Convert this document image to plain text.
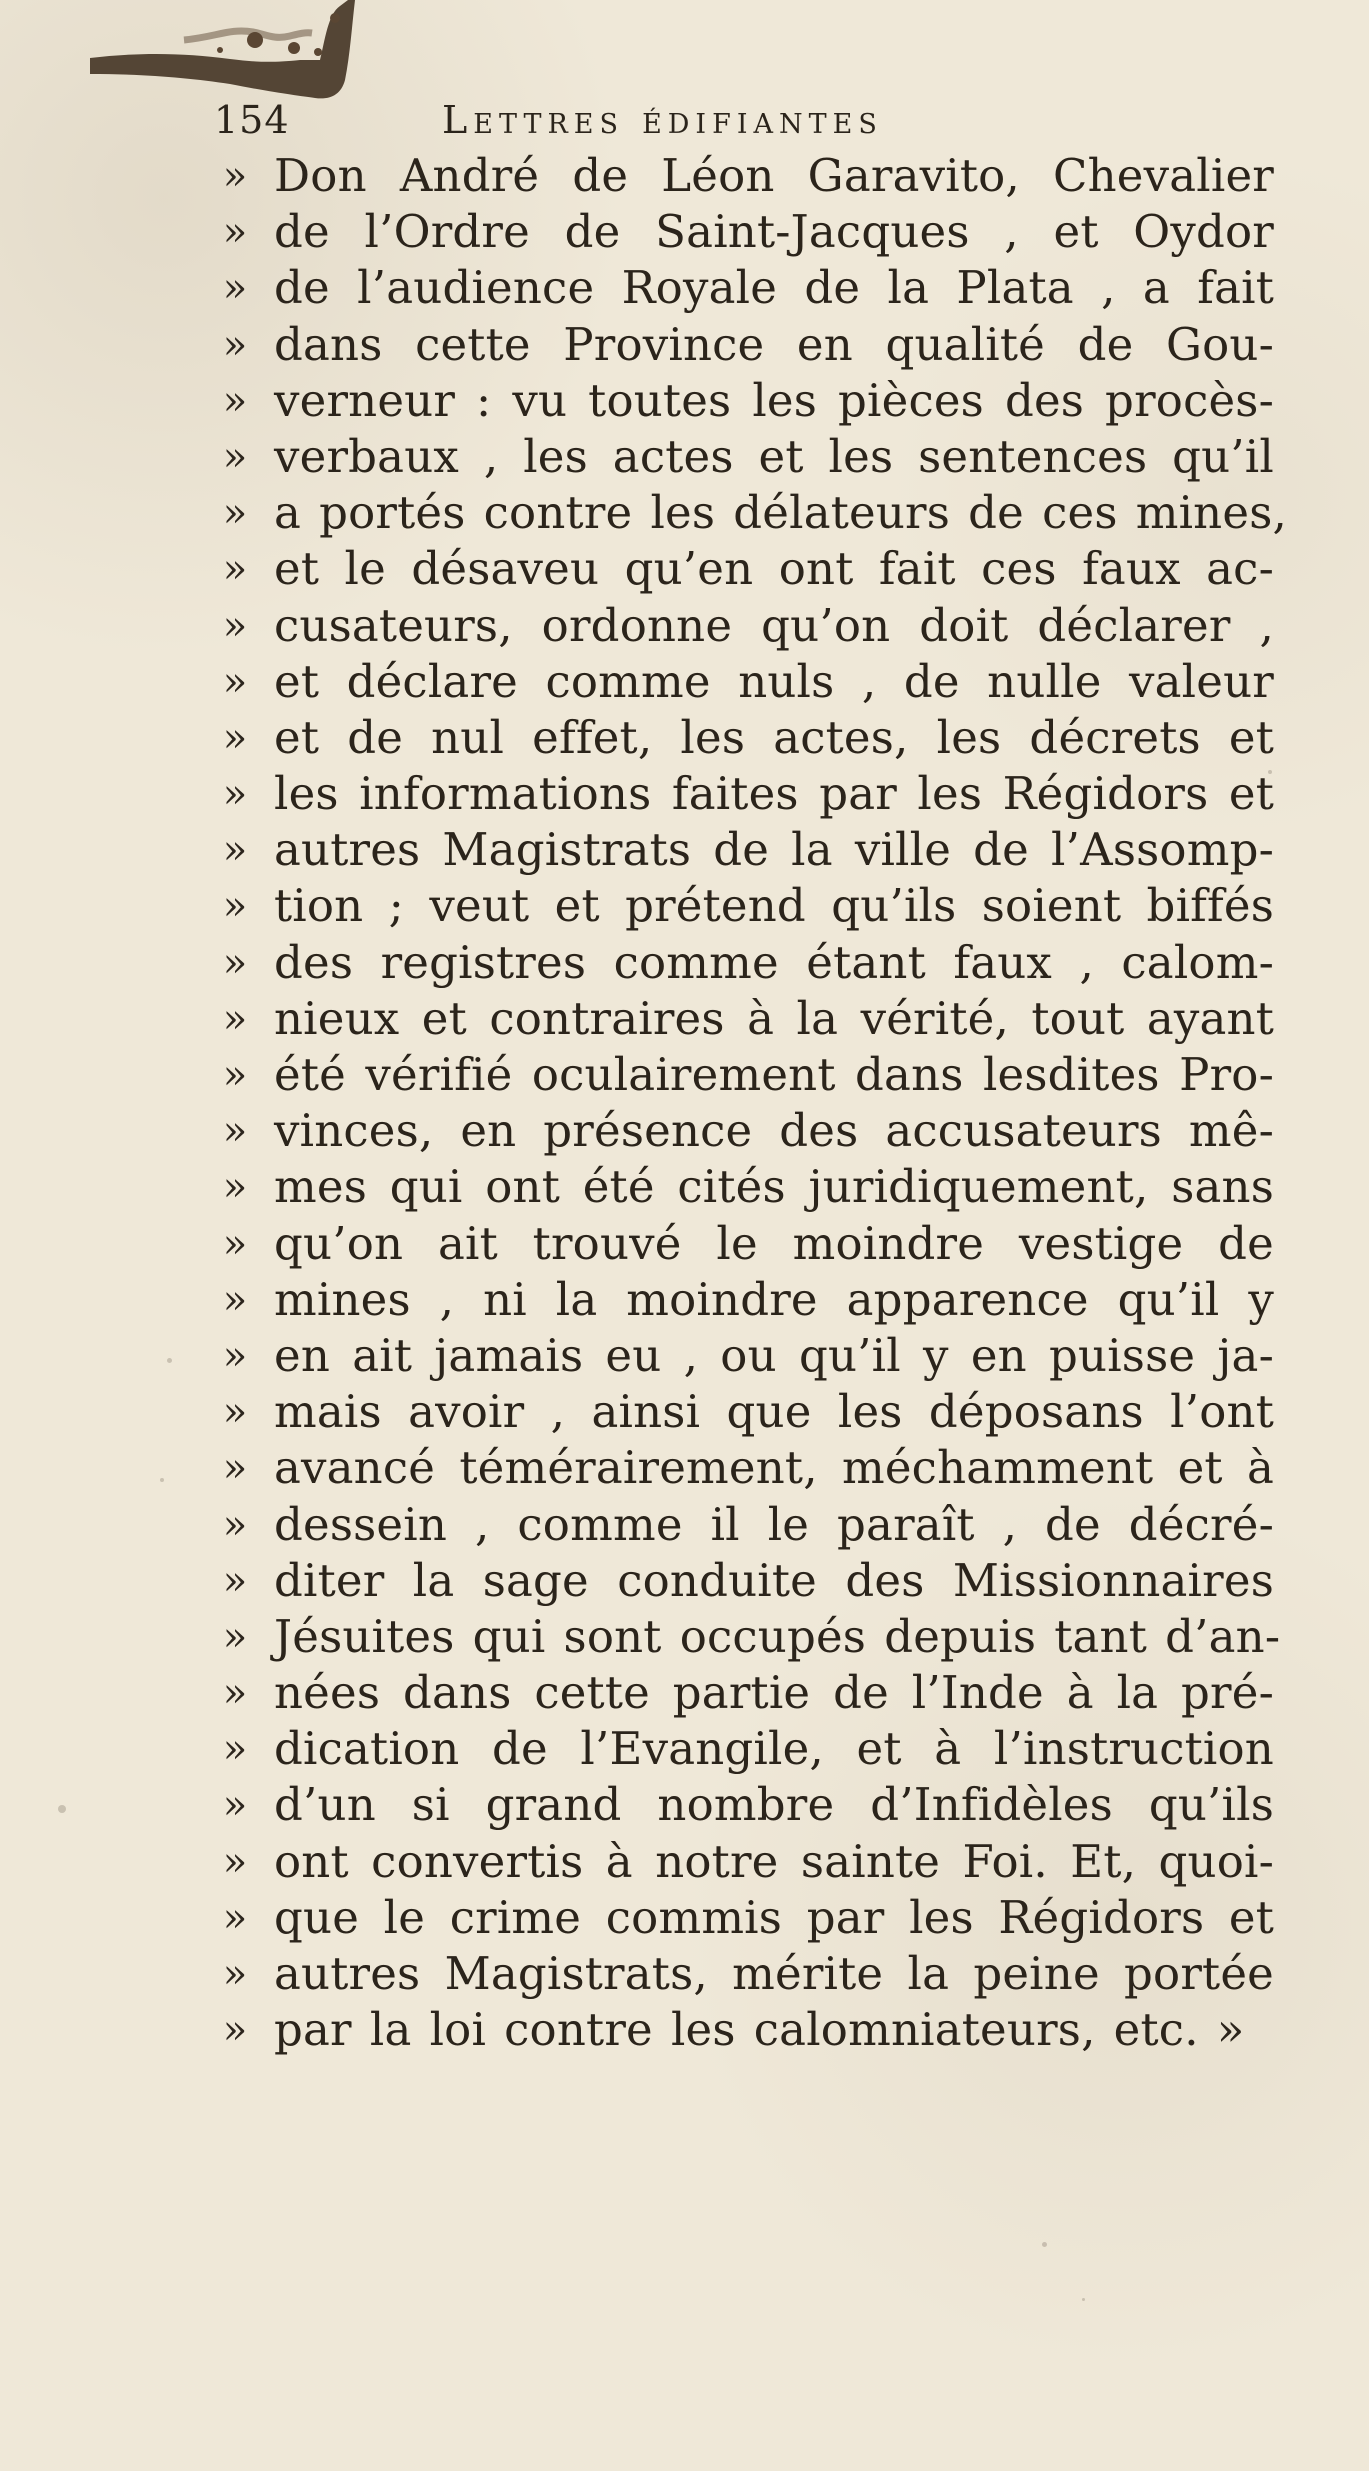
154	Lettres édifiantes
» Don André de Léon Garavito, Chevalier
» de l’Ordre de Saint-Jacques , et Oydor
» de l’audience Royale de la Plata , a fait
» dans cette Province en qualité de Gou-
» verneur : vu toutes les pièces des procès-
» verbaux , les actes et les sentences qu’il
» a portés contre les délateurs de ces mines,
» et le désaveu qu’en ont fait ces faux ac-
» cusateurs, ordonne qu’on doit déclarer ,
» et déclare comme nuls , de nulle valeur
» et de nul effet, les actes, les décrets et
» les informations faites par les Régidors et
» autres Magistrats de la ville de l’Assomp-
» tion ; veut et prétend qu’ils soient biffés
» des registres comme étant faux , calom-
» nieux et contraires à la vérité, tout ayant
» été vérifié oculairement dans lesdites Pro-
» vinces, en présence des accusateurs mê-
» mes qui ont été cités juridiquement, sans
» qu’on ait trouvé le moindre vestige de
» mines , ni la moindre apparence qu’il y
» en ait jamais eu , ou qu’il y en puisse ja-
» mais avoir , ainsi que les déposans l’ont
» avancé témérairement, méchamment et à
» dessein , comme il le paraît , de décré-
» diter la sage conduite des Missionnaires
» Jésuites qui sont occupés depuis tant d’an-
» nées dans cette partie de l’Inde à la pré-
» dication de l’Evangile, et à l’instruction
» d’un si grand nombre d’Infidèles qu’ils
» ont convertis à notre sainte Foi. Et, quoi-
» que le crime commis par les Régidors et
» autres Magistrats, mérite la peine portée
» par la loi contre les calomniateurs, etc. »
